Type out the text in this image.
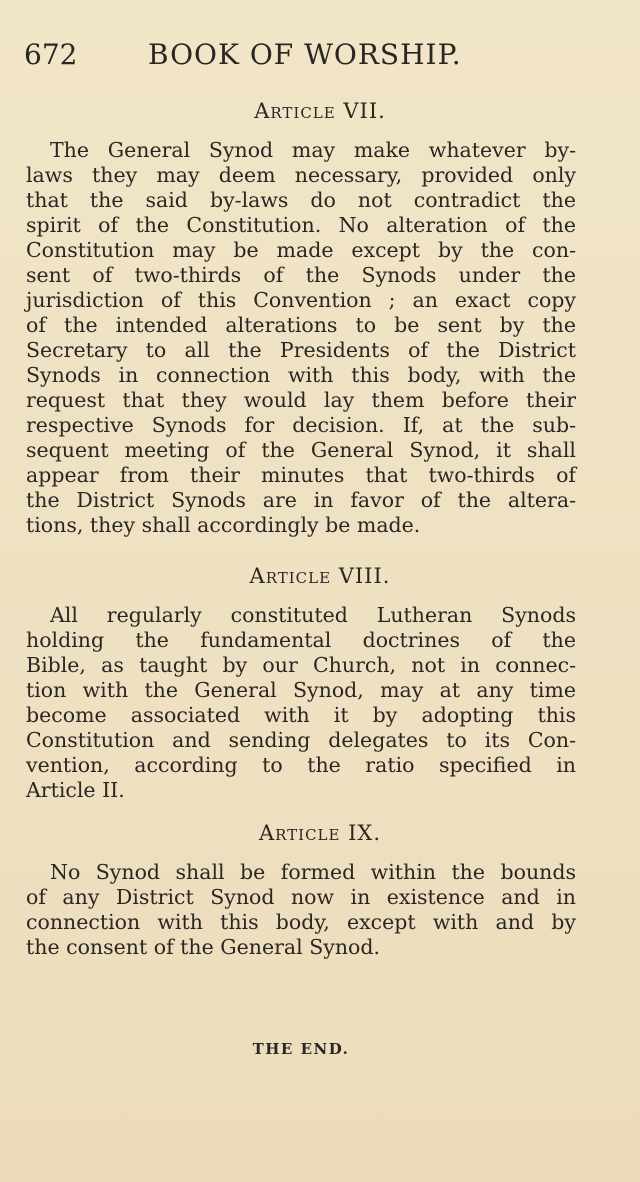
672	BOOK OF WORSHIP.
Article VII.
The General Synod may make whatever by-
laws they may deem necessary, provided only
that the said by-laws do not contradict the
spirit of the Constitution. No alteration of the
Constitution may be made except by the con-
sent of two-thirds of the Synods under the
jurisdiction of this Convention ; an exact copy
of the intended alterations to be sent by the
Secretary to all the Presidents of the District
Synods in connection with this body, with the
request that they would lay them before their
respective Synods for decision. If, at the sub-
sequent meeting of the General Synod, it shall
appear from their minutes that two-thirds of
the District Synods are in favor of the altera-
tions, they shall accordingly be made.
Article VIII.
All regularly constituted Lutheran Synods
holding the fundamental doctrines of the
Bible, as taught by our Church, not in connec-
tion with the General Synod, may at any time
become associated with it by adopting this
Constitution and sending delegates to its Con-
vention, according to the ratio specified in
Article II.
Article IX.
No Synod shall be formed within the bounds
of any District Synod now in existence and in
connection with this body, except with and by
the consent of the General Synod.
THE END.
